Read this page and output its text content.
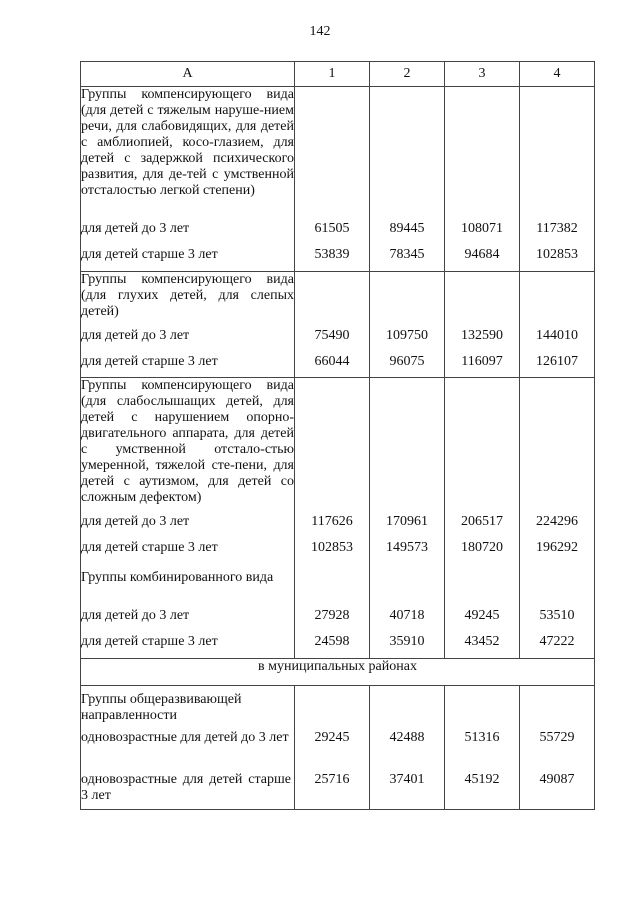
142
А	1	2	3	4
Группы компенсирующего вида (для детей с тяжелым наруше-нием речи, для слабовидящих, для детей с амблиопией, косо-глазием, для детей с задержкой психического развития, для де-тей с умственной отсталостью легкой степени)				
для детей до 3 лет	61505	89445	108071	117382
для детей старше 3 лет	53839	78345	94684	102853
Группы компенсирующего вида (для глухих детей, для слепых детей)				
для детей до 3 лет	75490	109750	132590	144010
для детей старше 3 лет	66044	96075	116097	126107
Группы компенсирующего вида (для слабослышащих детей, для детей с нарушением опорно-двигательного аппарата, для детей с умственной отстало-стью умеренной, тяжелой сте-пени, для детей с аутизмом, для детей со сложным дефектом)				
для детей до 3 лет	117626	170961	206517	224296
для детей старше 3 лет	102853	149573	180720	196292
Группы комбинированного вида				
для детей до 3 лет	27928	40718	49245	53510
для детей старше 3 лет	24598	35910	43452	47222
в муниципальных районах				
Группы общеразвивающей направленности				
одновозрастные для детей до 3 лет	29245	42488	51316	55729
одновозрастные для детей старше 3 лет	25716	37401	45192	49087
